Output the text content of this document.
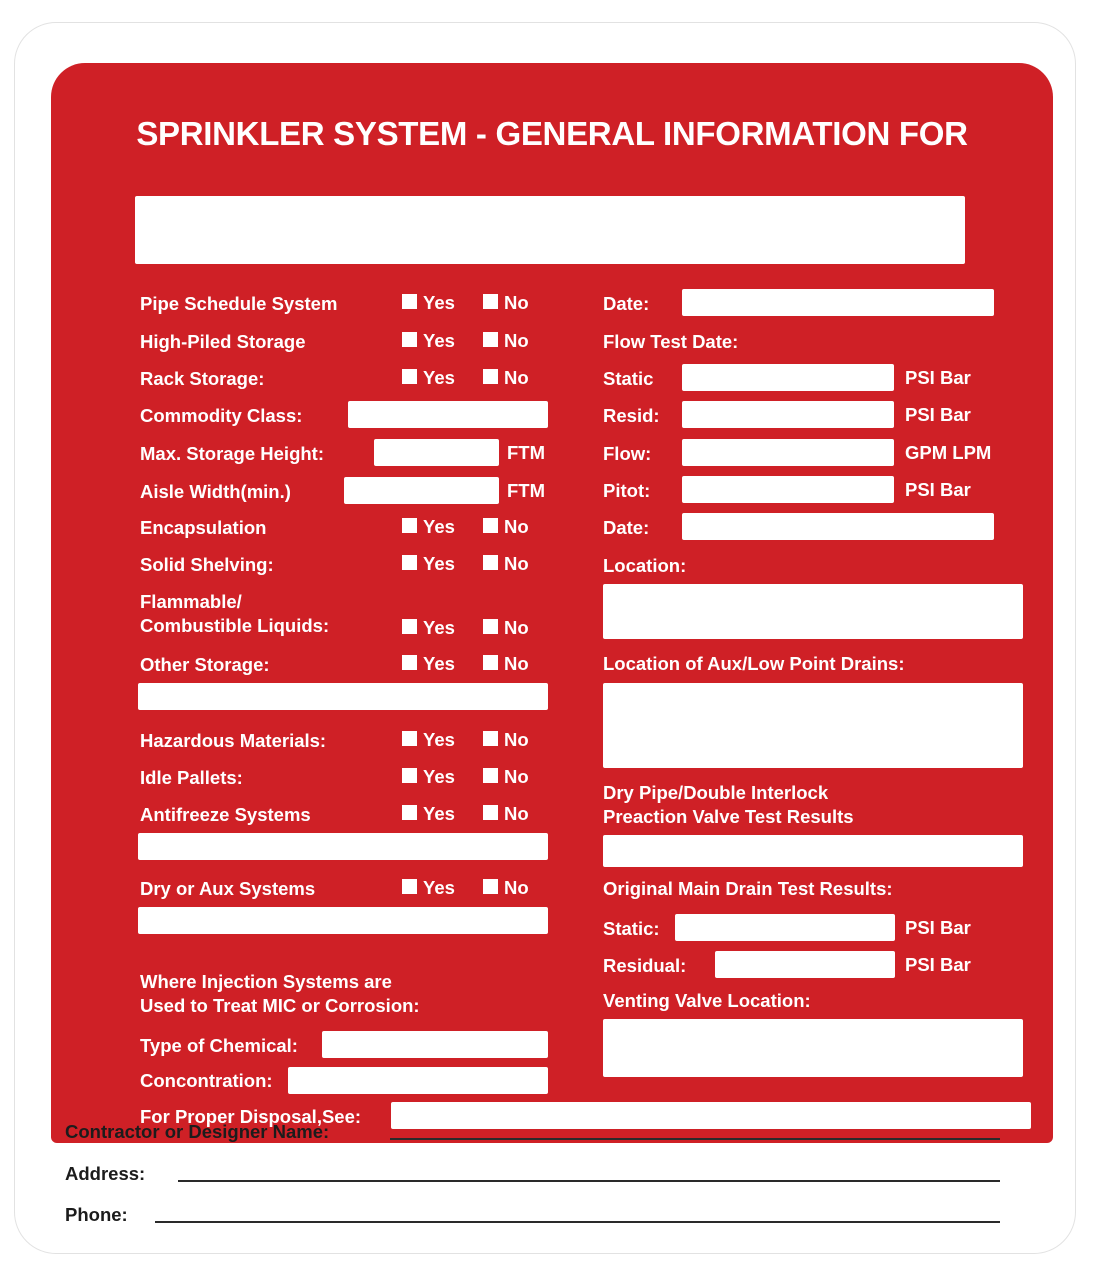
SPRINKLER SYSTEM - GENERAL INFORMATION FOR
Pipe Schedule System	Yes	No
High-Piled Storage	Yes	No
Rack Storage:	Yes	No
Commodity Class:
Max. Storage Height:	FTM
Aisle Width(min.)	FTM
Encapsulation	Yes	No
Solid Shelving:	Yes	No
Flammable/
Combustible Liquids:	Yes	No
Other Storage:	Yes	No
Hazardous Materials:	Yes	No
Idle Pallets:	Yes	No
Antifreeze Systems	Yes	No
Dry or Aux Systems	Yes	No
Where Injection Systems are
Used to Treat MIC or Corrosion:
Type of Chemical:
Concontration:
For Proper Disposal,See:
Date:
Flow Test Date:
Static	PSI Bar
Resid:	PSI Bar
Flow:	GPM LPM
Pitot:	PSI Bar
Date:
Location:
Location of Aux/Low Point Drains:
Dry Pipe/Double Interlock
Preaction Valve Test Results
Original Main Drain Test Results:
Static:	PSI Bar
Residual:	PSI Bar
Venting Valve Location:
Contractor or Designer Name:
Address:
Phone:
